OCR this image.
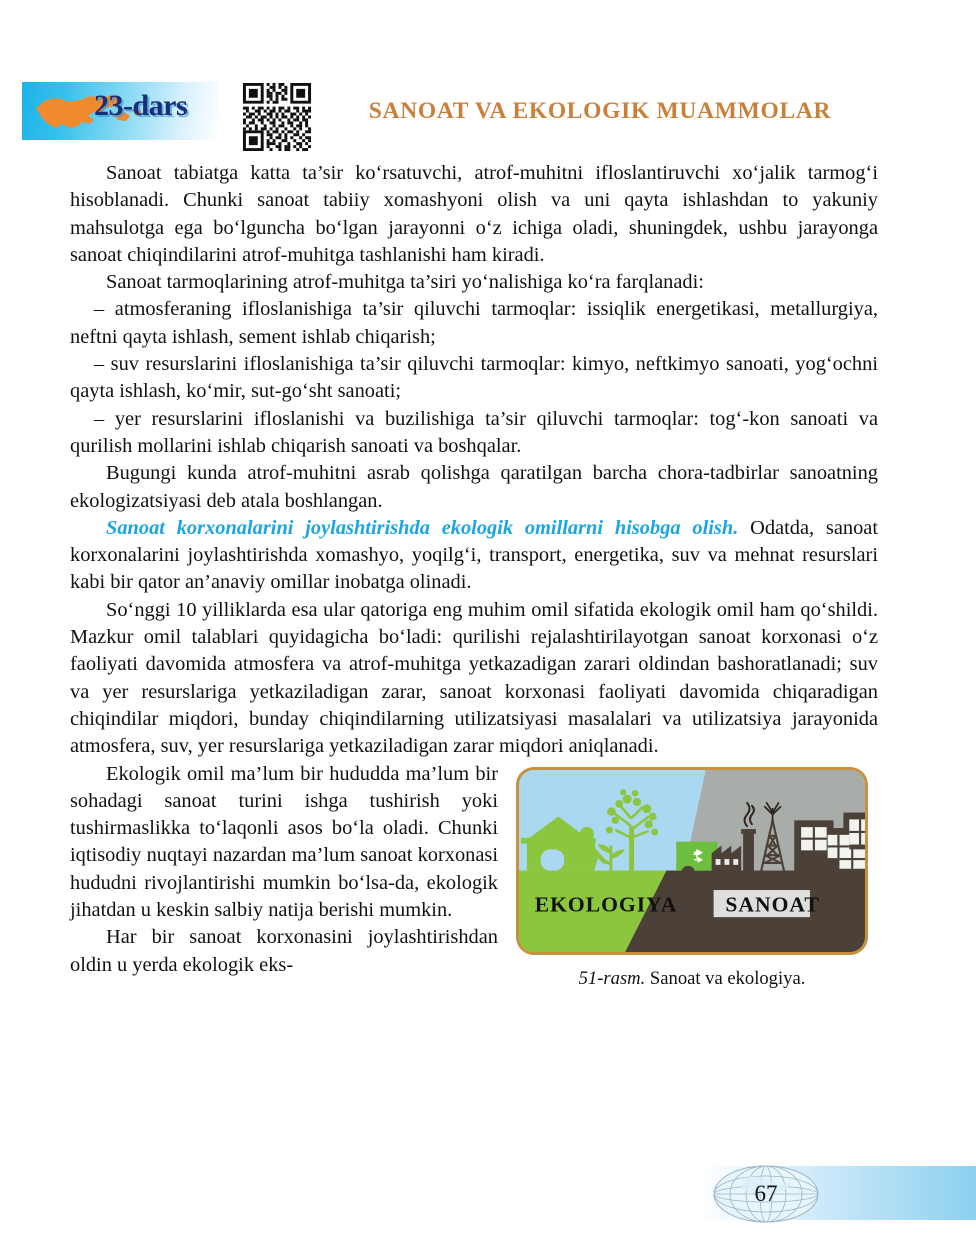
23-dars	SANOAT VA EKOLOGIK MUAMMOLAR

Sanoat tabiatga katta ta’sir ko‘rsatuvchi, atrof-muhitni ifloslantiruvchi xo‘jalik tarmog‘i hisoblanadi. Chunki sanoat tabiiy xomashyoni olish va uni qayta ishlashdan to yakuniy mahsulotga ega bo‘lguncha bo‘lgan jarayonni o‘z ichiga oladi, shuningdek, ushbu jarayonga sanoat chiqindilarini atrof-muhitga tashlanishi ham kiradi.

Sanoat tarmoqlarining atrof-muhitga ta’siri yo‘nalishiga ko‘ra farqlanadi:

– atmosferaning ifloslanishiga ta’sir qiluvchi tarmoqlar: issiqlik energetikasi, metallurgiya, neftni qayta ishlash, sement ishlab chiqarish;

– suv resurslarini ifloslanishiga ta’sir qiluvchi tarmoqlar: kimyo, neftkimyo sanoati, yog‘ochni qayta ishlash, ko‘mir, sut-go‘sht sanoati;

– yer resurslarini ifloslanishi va buzilishiga ta’sir qiluvchi tarmoqlar: tog‘-kon sanoati va qurilish mollarini ishlab chiqarish sanoati va boshqalar.

Bugungi kunda atrof-muhitni asrab qolishga qaratilgan barcha chora-tadbirlar sanoatning ekologizatsiyasi deb atala boshlangan.

Sanoat korxonalarini joylashtirishda ekologik omillarni hisobga olish. Odatda, sanoat korxonalarini joylashtirishda xomashyo, yoqilg‘i, transport, energetika, suv va mehnat resurslari kabi bir qator an’anaviy omillar inobatga olinadi.

So‘nggi 10 yilliklarda esa ular qatoriga eng muhim omil sifatida ekologik omil ham qo‘shildi. Mazkur omil talablari quyidagicha bo‘ladi: qurilishi rejalashtirilayotgan sanoat korxonasi o‘z faoliyati davomida atmosfera va atrof-muhitga yetkazadigan zarari oldindan bashoratlanadi; suv va yer resurslariga yetkaziladigan zarar, sanoat korxonasi faoliyati davomida chiqaradigan chiqindilar miqdori, bunday chiqindilarning utilizatsiyasi masalalari va utilizatsiya jarayonida atmosfera, suv, yer resurslariga yetkaziladigan zarar miqdori aniqlanadi.

EKOLOGIYA SANOAT
51-rasm. Sanoat va ekologiya.

Ekologik omil ma’lum bir hududda ma’lum bir sohadagi sanoat turini ishga tushirish yoki tushirmaslikka to‘laqonli asos bo‘la oladi. Chunki iqtisodiy nuqtayi nazardan ma’lum sanoat korxonasi hududni rivojlantirishi mumkin bo‘lsa-da, ekologik jihatdan u keskin salbiy natija berishi mumkin.

Har bir sanoat korxonasini joylashtirishdan oldin u yerda ekologik eks-

67
